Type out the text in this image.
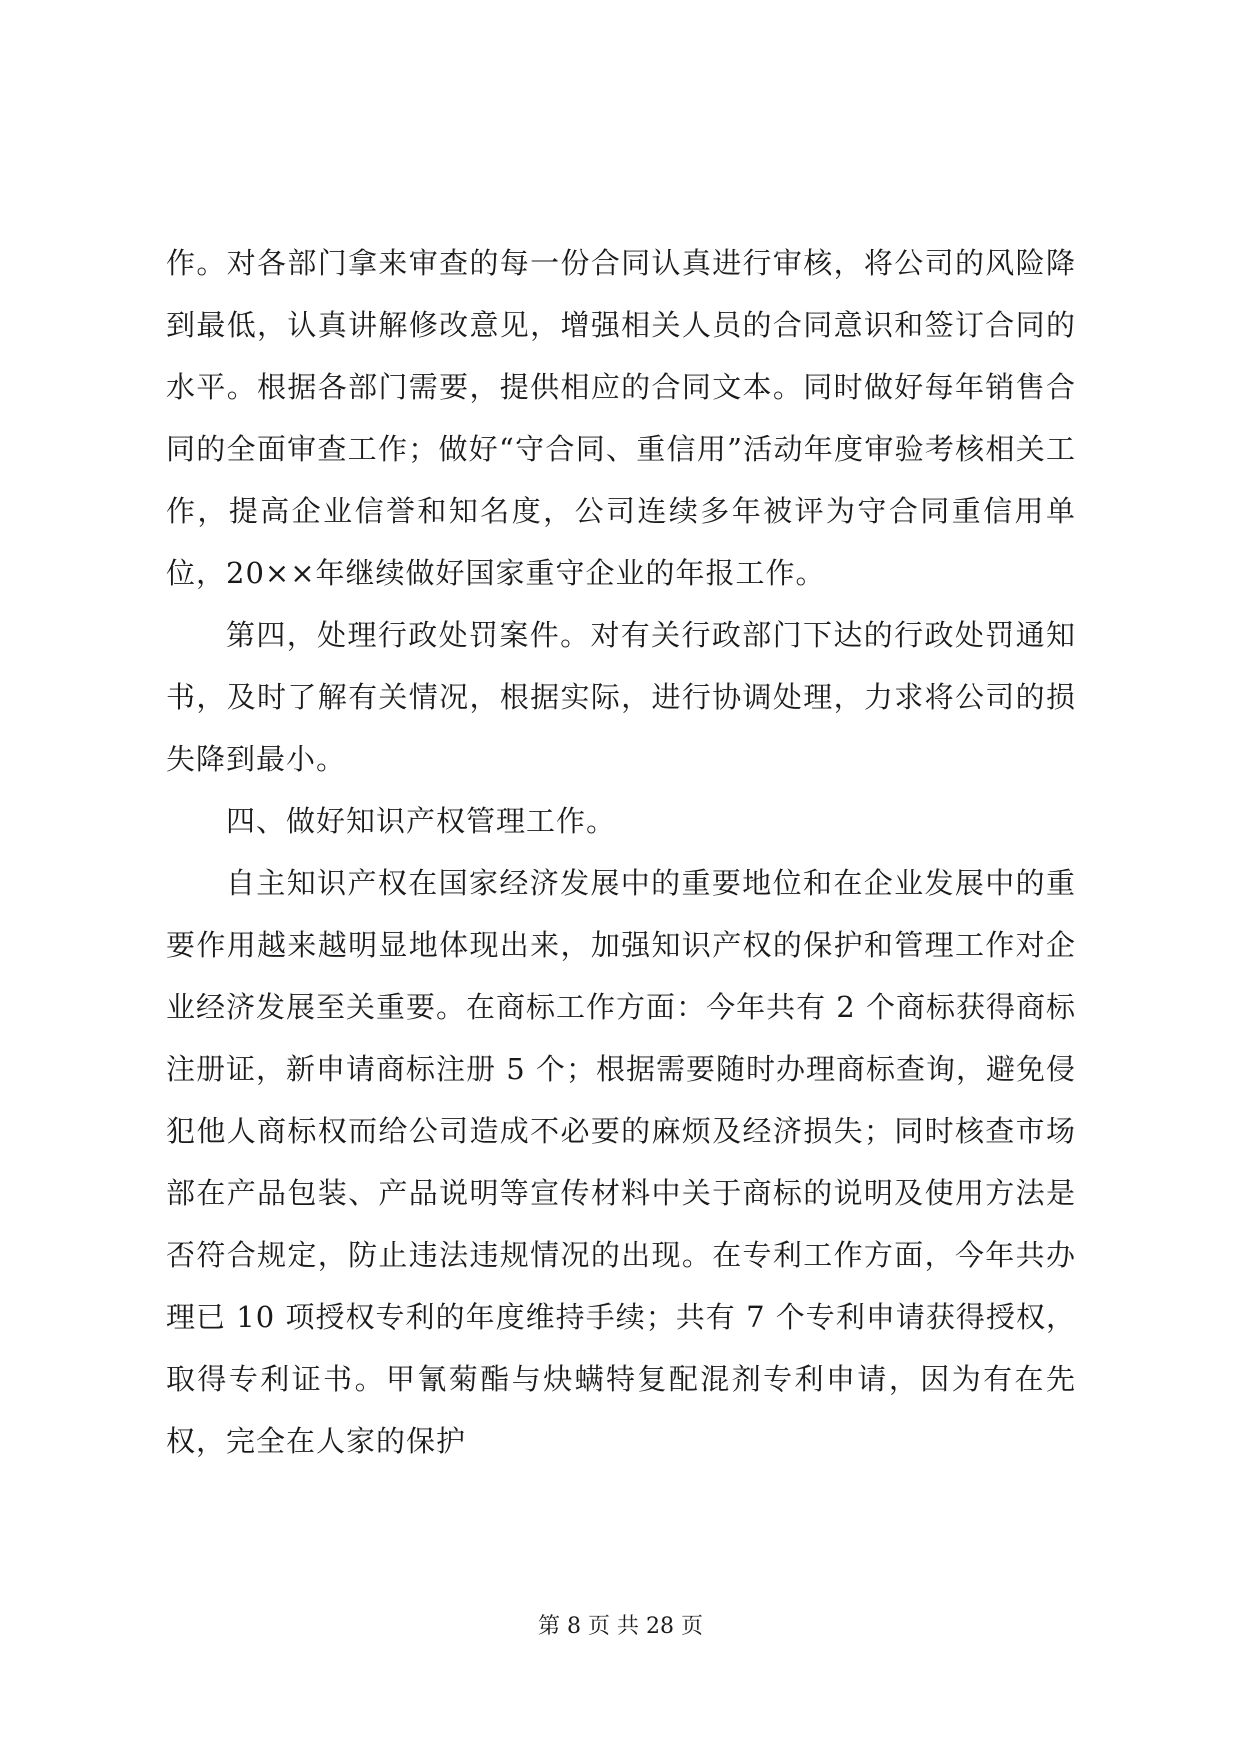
作。对各部门拿来审查的每一份合同认真进行审核，将公司的风险降到最低，认真讲解修改意见，增强相关人员的合同意识和签订合同的水平。根据各部门需要，提供相应的合同文本。同时做好每年销售合同的全面审查工作；做好“守合同、重信用”活动年度审验考核相关工作，提高企业信誉和知名度，公司连续多年被评为守合同重信用单位，20××年继续做好国家重守企业的年报工作。

第四，处理行政处罚案件。对有关行政部门下达的行政处罚通知书，及时了解有关情况，根据实际，进行协调处理，力求将公司的损失降到最小。

四、做好知识产权管理工作。

自主知识产权在国家经济发展中的重要地位和在企业发展中的重要作用越来越明显地体现出来，加强知识产权的保护和管理工作对企业经济发展至关重要。在商标工作方面：今年共有 2 个商标获得商标注册证，新申请商标注册 5 个；根据需要随时办理商标查询，避免侵犯他人商标权而给公司造成不必要的麻烦及经济损失；同时核查市场部在产品包装、产品说明等宣传材料中关于商标的说明及使用方法是否符合规定，防止违法违规情况的出现。在专利工作方面，今年共办理已 10 项授权专利的年度维持手续；共有 7 个专利申请获得授权，取得专利证书。甲氰菊酯与炔螨特复配混剂专利申请，因为有在先权，完全在人家的保护

第 8 页 共 28 页
